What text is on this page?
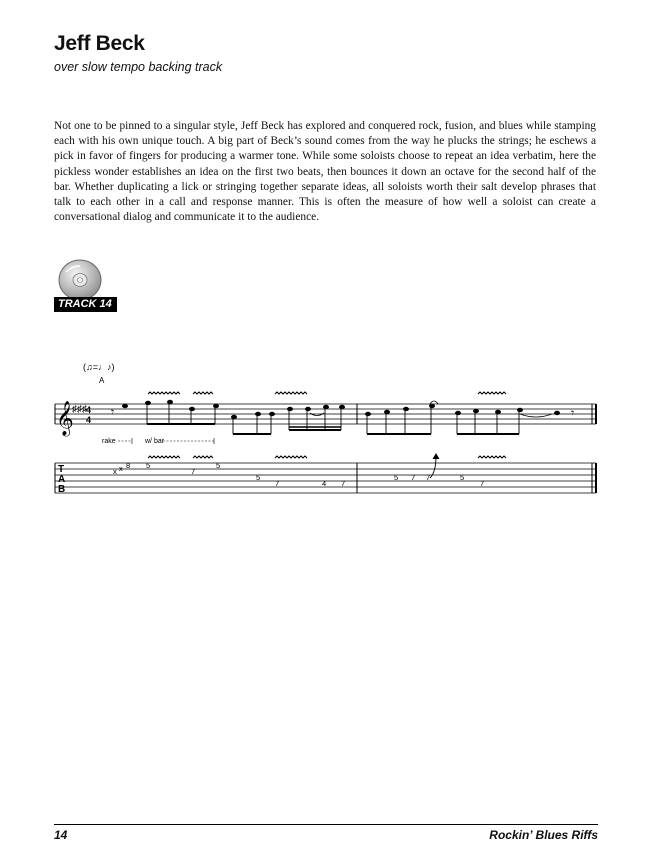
Jeff Beck

over slow tempo backing track

Not one to be pinned to a singular style, Jeff Beck has explored and conquered rock, fusion, and blues while stamping each with his own unique touch. A big part of Beck’s sound comes from the way he plucks the strings; he eschews a pick in favor of fingers for producing a warmer tone. While some soloists choose to repeat an idea verbatim, here the pickless wonder establishes an idea on the first two beats, then bounces it down an octave for the second half of the bar. Whether duplicating a lick or stringing together separate ideas, all soloists worth their salt develop phrases that talk to each other in a call and response manner. This is often the measure of how well a soloist can create a conversational dialog and communicate it to the audience.

TRACK 14
(♫=♩♪)
A
𝄞
♯♯♯ 4
4
𝄾	𝄾
rake	w/ bar
T
A
B
x x 8 5
7
5
5
7	4 7
5 7 7	5
7
14	Rockin’ Blues Riffs
